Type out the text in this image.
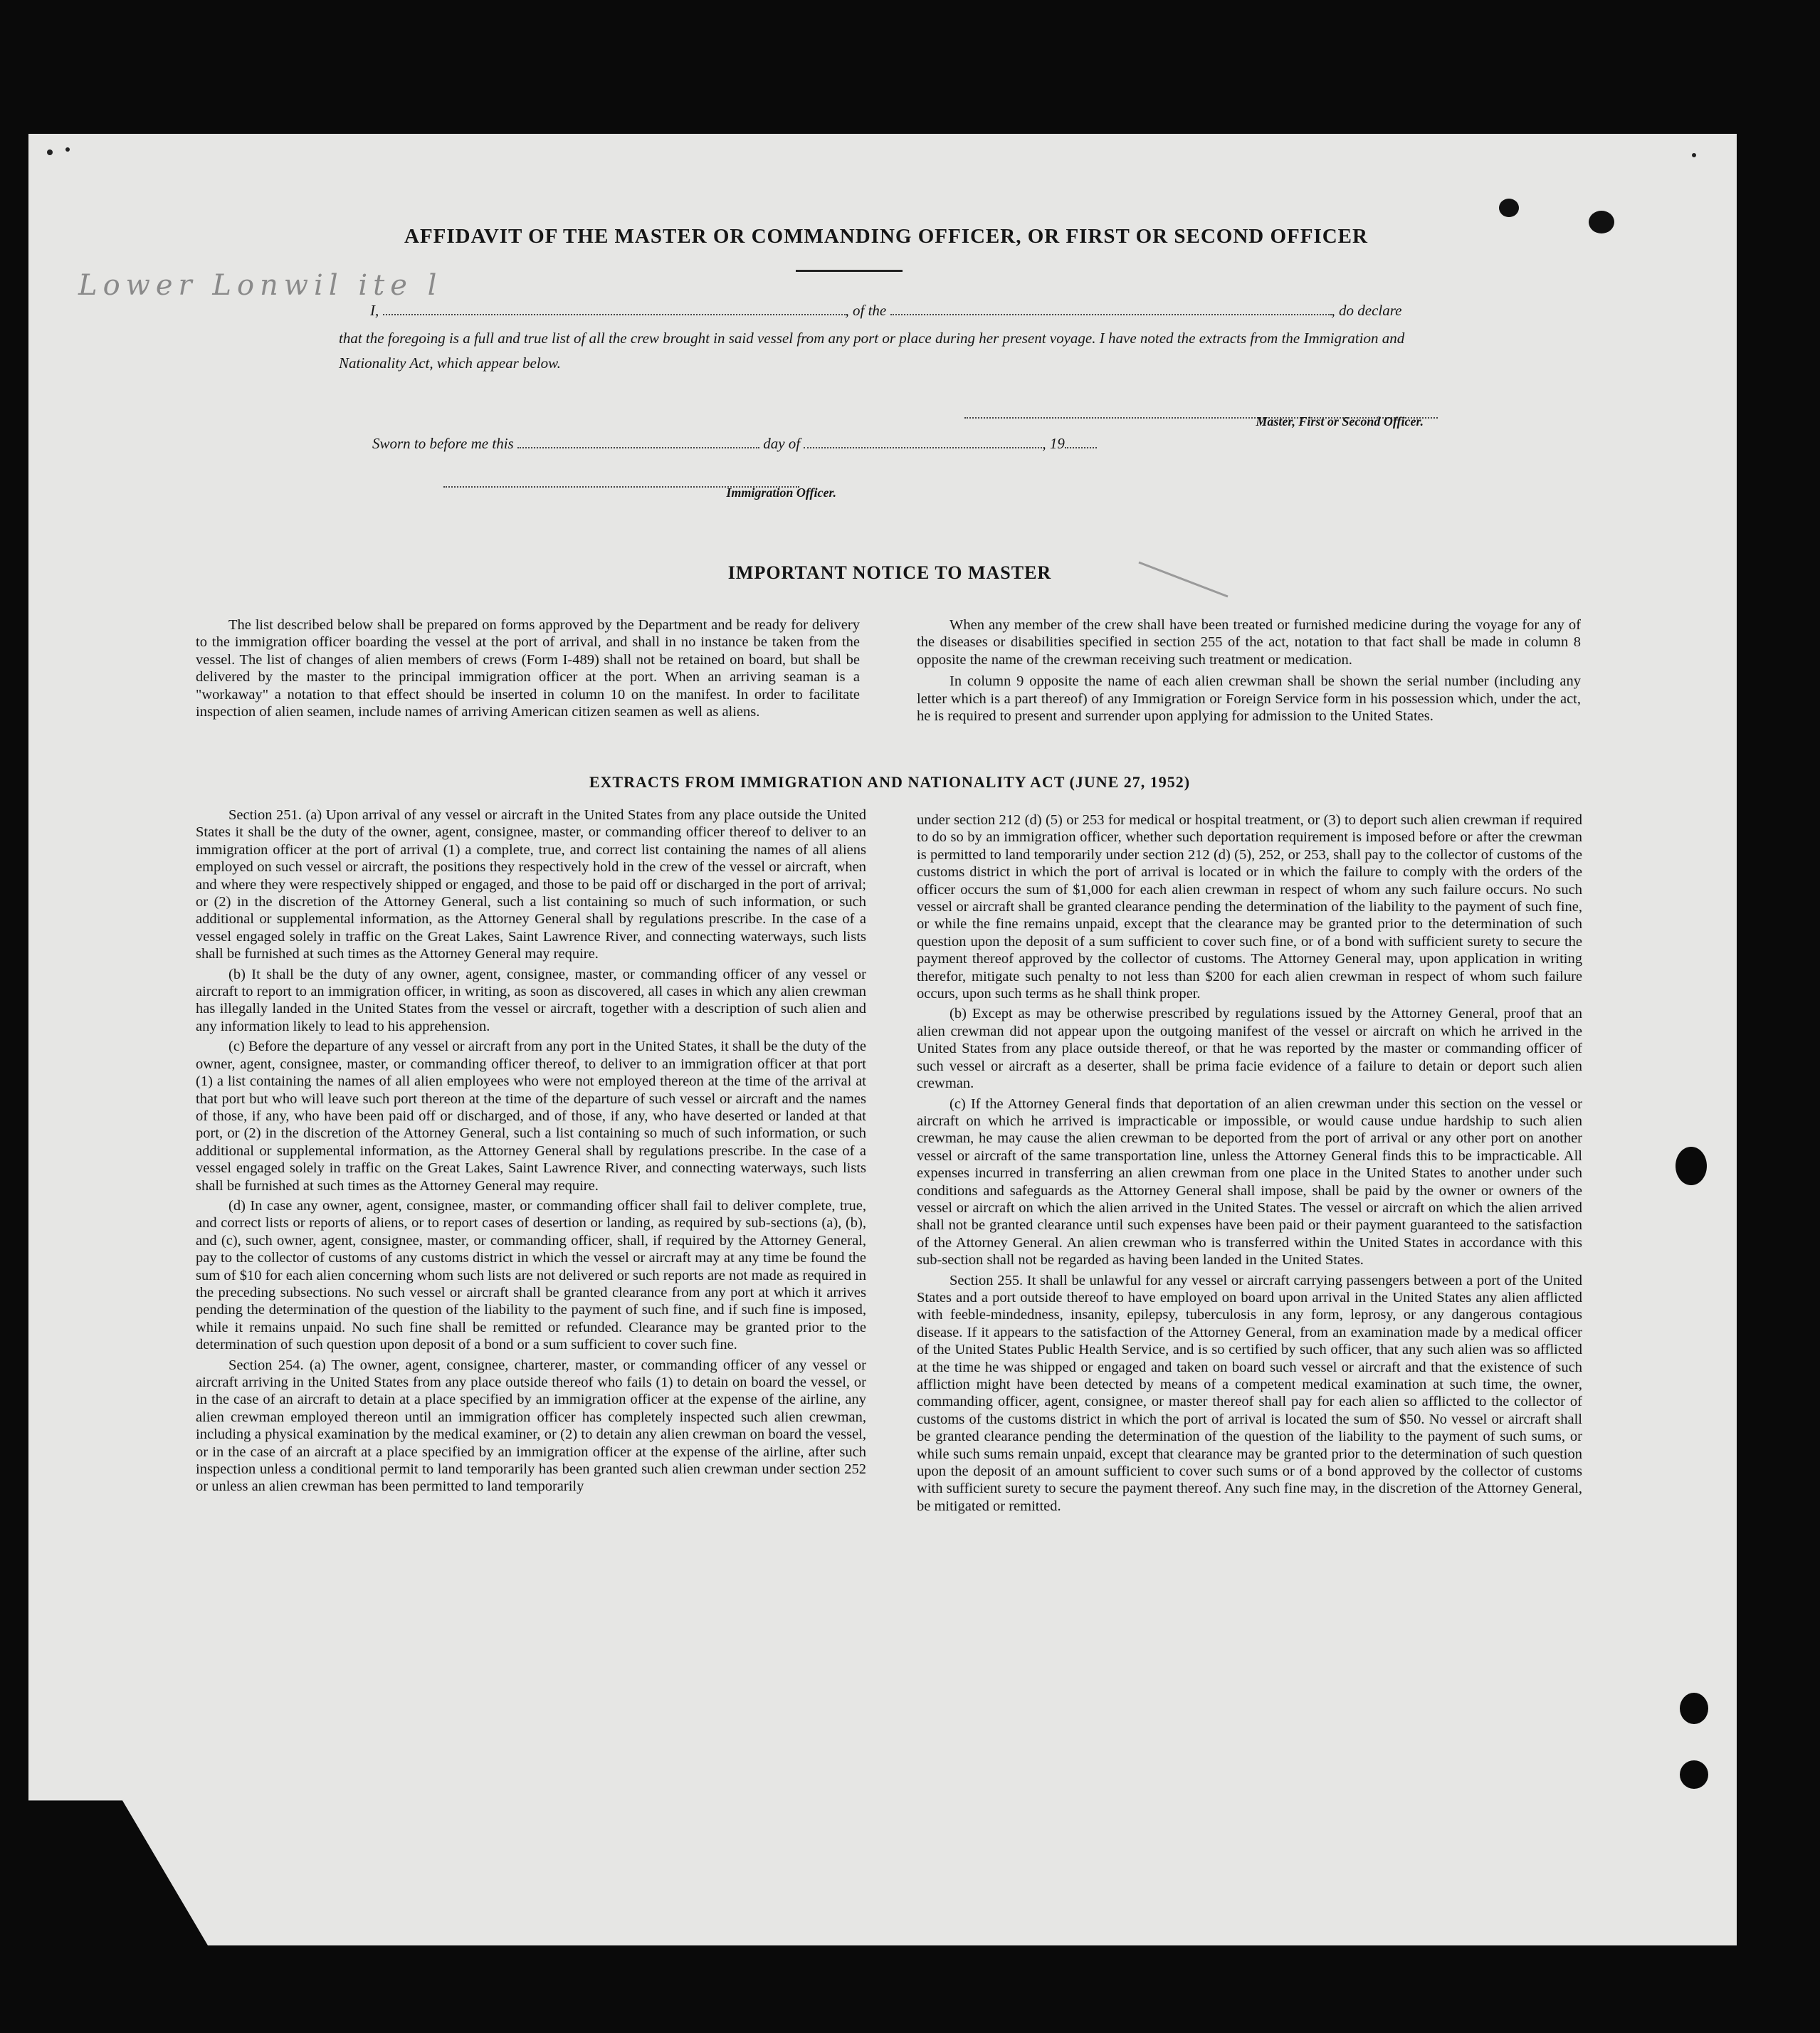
Lower Lonwil ite l
AFFIDAVIT OF THE MASTER OR COMMANDING OFFICER, OR FIRST OR SECOND OFFICER
I,	, of the	, do declare
that the foregoing is a full and true list of all the crew brought in said vessel from any port or place during her present voyage. I have noted the extracts from the Immigration and Nationality Act, which appear below.
Master, First or Second Officer.
Sworn to before me this	day of	, 19
Immigration Officer.
IMPORTANT NOTICE TO MASTER

The list described below shall be prepared on forms approved by the Department and be ready for delivery to the immigration officer boarding the vessel at the port of arrival, and shall in no instance be taken from the vessel. The list of changes of alien members of crews (Form I-489) shall not be retained on board, but shall be delivered by the master to the principal immigration officer at the port. When an arriving seaman is a "workaway" a notation to that effect should be inserted in column 10 on the manifest. In order to facilitate inspection of alien seamen, include names of arriving American citizen seamen as well as aliens.

When any member of the crew shall have been treated or furnished medicine during the voyage for any of the diseases or disabilities specified in section 255 of the act, notation to that fact shall be made in column 8 opposite the name of the crewman receiving such treatment or medication.

In column 9 opposite the name of each alien crewman shall be shown the serial number (including any letter which is a part thereof) of any Immigration or Foreign Service form in his possession which, under the act, he is required to present and surrender upon applying for admission to the United States.

EXTRACTS FROM IMMIGRATION AND NATIONALITY ACT (JUNE 27, 1952)

Section 251. (a) Upon arrival of any vessel or aircraft in the United States from any place outside the United States it shall be the duty of the owner, agent, consignee, master, or commanding officer thereof to deliver to an immigration officer at the port of arrival (1) a complete, true, and correct list containing the names of all aliens employed on such vessel or aircraft, the positions they respectively hold in the crew of the vessel or aircraft, when and where they were respectively shipped or engaged, and those to be paid off or discharged in the port of arrival; or (2) in the discretion of the Attorney General, such a list containing so much of such information, or such additional or supplemental information, as the Attorney General shall by regulations prescribe. In the case of a vessel engaged solely in traffic on the Great Lakes, Saint Lawrence River, and connecting waterways, such lists shall be furnished at such times as the Attorney General may require.

(b) It shall be the duty of any owner, agent, consignee, master, or commanding officer of any vessel or aircraft to report to an immigration officer, in writing, as soon as discovered, all cases in which any alien crewman has illegally landed in the United States from the vessel or aircraft, together with a description of such alien and any information likely to lead to his apprehension.

(c) Before the departure of any vessel or aircraft from any port in the United States, it shall be the duty of the owner, agent, consignee, master, or commanding officer thereof, to deliver to an immigration officer at that port (1) a list containing the names of all alien employees who were not employed thereon at the time of the arrival at that port but who will leave such port thereon at the time of the departure of such vessel or aircraft and the names of those, if any, who have been paid off or discharged, and of those, if any, who have deserted or landed at that port, or (2) in the discretion of the Attorney General, such a list containing so much of such information, or such additional or supplemental information, as the Attorney General shall by regulations prescribe. In the case of a vessel engaged solely in traffic on the Great Lakes, Saint Lawrence River, and connecting waterways, such lists shall be furnished at such times as the Attorney General may require.

(d) In case any owner, agent, consignee, master, or commanding officer shall fail to deliver complete, true, and correct lists or reports of aliens, or to report cases of desertion or landing, as required by sub-sections (a), (b), and (c), such owner, agent, consignee, master, or commanding officer, shall, if required by the Attorney General, pay to the collector of customs of any customs district in which the vessel or aircraft may at any time be found the sum of $10 for each alien concerning whom such lists are not delivered or such reports are not made as required in the preceding subsections. No such vessel or aircraft shall be granted clearance from any port at which it arrives pending the determination of the question of the liability to the payment of such fine, and if such fine is imposed, while it remains unpaid. No such fine shall be remitted or refunded. Clearance may be granted prior to the determination of such question upon deposit of a bond or a sum sufficient to cover such fine.

Section 254. (a) The owner, agent, consignee, charterer, master, or commanding officer of any vessel or aircraft arriving in the United States from any place outside thereof who fails (1) to detain on board the vessel, or in the case of an aircraft to detain at a place specified by an immigration officer at the expense of the airline, any alien crewman employed thereon until an immigration officer has completely inspected such alien crewman, including a physical examination by the medical examiner, or (2) to detain any alien crewman on board the vessel, or in the case of an aircraft at a place specified by an immigration officer at the expense of the airline, after such inspection unless a conditional permit to land temporarily has been granted such alien crewman under section 252 or unless an alien crewman has been permitted to land temporarily

under section 212 (d) (5) or 253 for medical or hospital treatment, or (3) to deport such alien crewman if required to do so by an immigration officer, whether such deportation requirement is imposed before or after the crewman is permitted to land temporarily under section 212 (d) (5), 252, or 253, shall pay to the collector of customs of the customs district in which the port of arrival is located or in which the failure to comply with the orders of the officer occurs the sum of $1,000 for each alien crewman in respect of whom any such failure occurs. No such vessel or aircraft shall be granted clearance pending the determination of the liability to the payment of such fine, or while the fine remains unpaid, except that the clearance may be granted prior to the determination of such question upon the deposit of a sum sufficient to cover such fine, or of a bond with sufficient surety to secure the payment thereof approved by the collector of customs. The Attorney General may, upon application in writing therefor, mitigate such penalty to not less than $200 for each alien crewman in respect of whom such failure occurs, upon such terms as he shall think proper.

(b) Except as may be otherwise prescribed by regulations issued by the Attorney General, proof that an alien crewman did not appear upon the outgoing manifest of the vessel or aircraft on which he arrived in the United States from any place outside thereof, or that he was reported by the master or commanding officer of such vessel or aircraft as a deserter, shall be prima facie evidence of a failure to detain or deport such alien crewman.

(c) If the Attorney General finds that deportation of an alien crewman under this section on the vessel or aircraft on which he arrived is impracticable or impossible, or would cause undue hardship to such alien crewman, he may cause the alien crewman to be deported from the port of arrival or any other port on another vessel or aircraft of the same transportation line, unless the Attorney General finds this to be impracticable. All expenses incurred in transferring an alien crewman from one place in the United States to another under such conditions and safeguards as the Attorney General shall impose, shall be paid by the owner or owners of the vessel or aircraft on which the alien arrived in the United States. The vessel or aircraft on which the alien arrived shall not be granted clearance until such expenses have been paid or their payment guaranteed to the satisfaction of the Attorney General. An alien crewman who is transferred within the United States in accordance with this sub-section shall not be regarded as having been landed in the United States.

Section 255. It shall be unlawful for any vessel or aircraft carrying passengers between a port of the United States and a port outside thereof to have employed on board upon arrival in the United States any alien afflicted with feeble-mindedness, insanity, epilepsy, tuberculosis in any form, leprosy, or any dangerous contagious disease. If it appears to the satisfaction of the Attorney General, from an examination made by a medical officer of the United States Public Health Service, and is so certified by such officer, that any such alien was so afflicted at the time he was shipped or engaged and taken on board such vessel or aircraft and that the existence of such affliction might have been detected by means of a competent medical examination at such time, the owner, commanding officer, agent, consignee, or master thereof shall pay for each alien so afflicted to the collector of customs of the customs district in which the port of arrival is located the sum of $50. No vessel or aircraft shall be granted clearance pending the determination of the question of the liability to the payment of such sums, or while such sums remain unpaid, except that clearance may be granted prior to the determination of such question upon the deposit of an amount sufficient to cover such sums or of a bond approved by the collector of customs with sufficient surety to secure the payment thereof. Any such fine may, in the discretion of the Attorney General, be mitigated or remitted.
